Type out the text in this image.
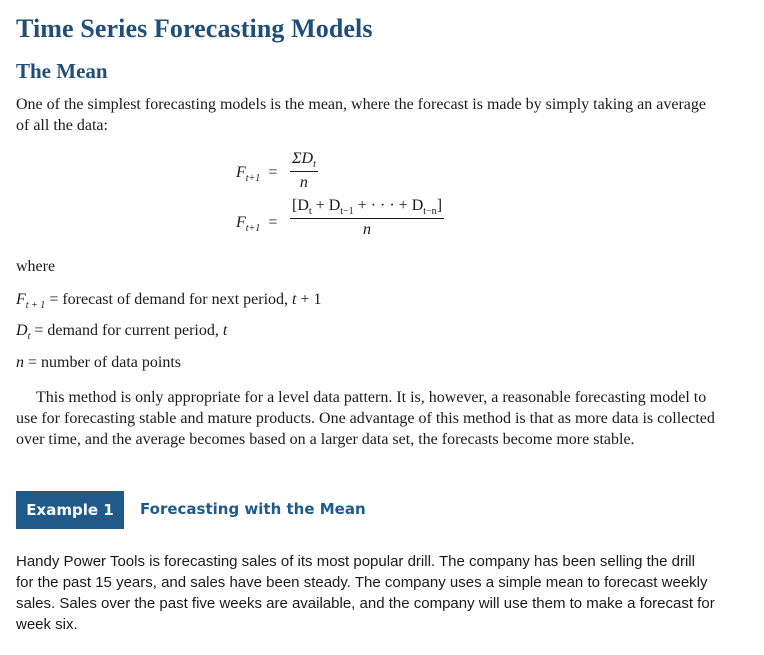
Time Series Forecasting Models
The Mean
One of the simplest forecasting models is the mean, where the forecast is made by simply taking an average of all the data:
$F_{t+1}$ =
$\Sigma D_t$
n
$F_{t+1} = \frac{[D_t + D_{t-1} + \cdot \cdot \cdot + D_{t-n}]}{n}$
where
$F_{t + 1}$ = forecast of demand for next period, t + 1
$D_t$ = demand for current period, t
n = number of data points
This method is only appropriate for a level data pattern. It is, however, a reasonable forecasting model to use for forecasting stable and mature products. One advantage of this method is that as more data is collected over time, and the average becomes based on a larger data set, the forecasts become more stable.
Example 1	Forecasting with the Mean
Handy Power Tools is forecasting sales of its most popular drill. The company has been selling the drill for the past 15 years, and sales have been steady. The company uses a simple mean to forecast weekly sales. Sales over the past five weeks are available, and the company will use them to make a forecast for week six.
